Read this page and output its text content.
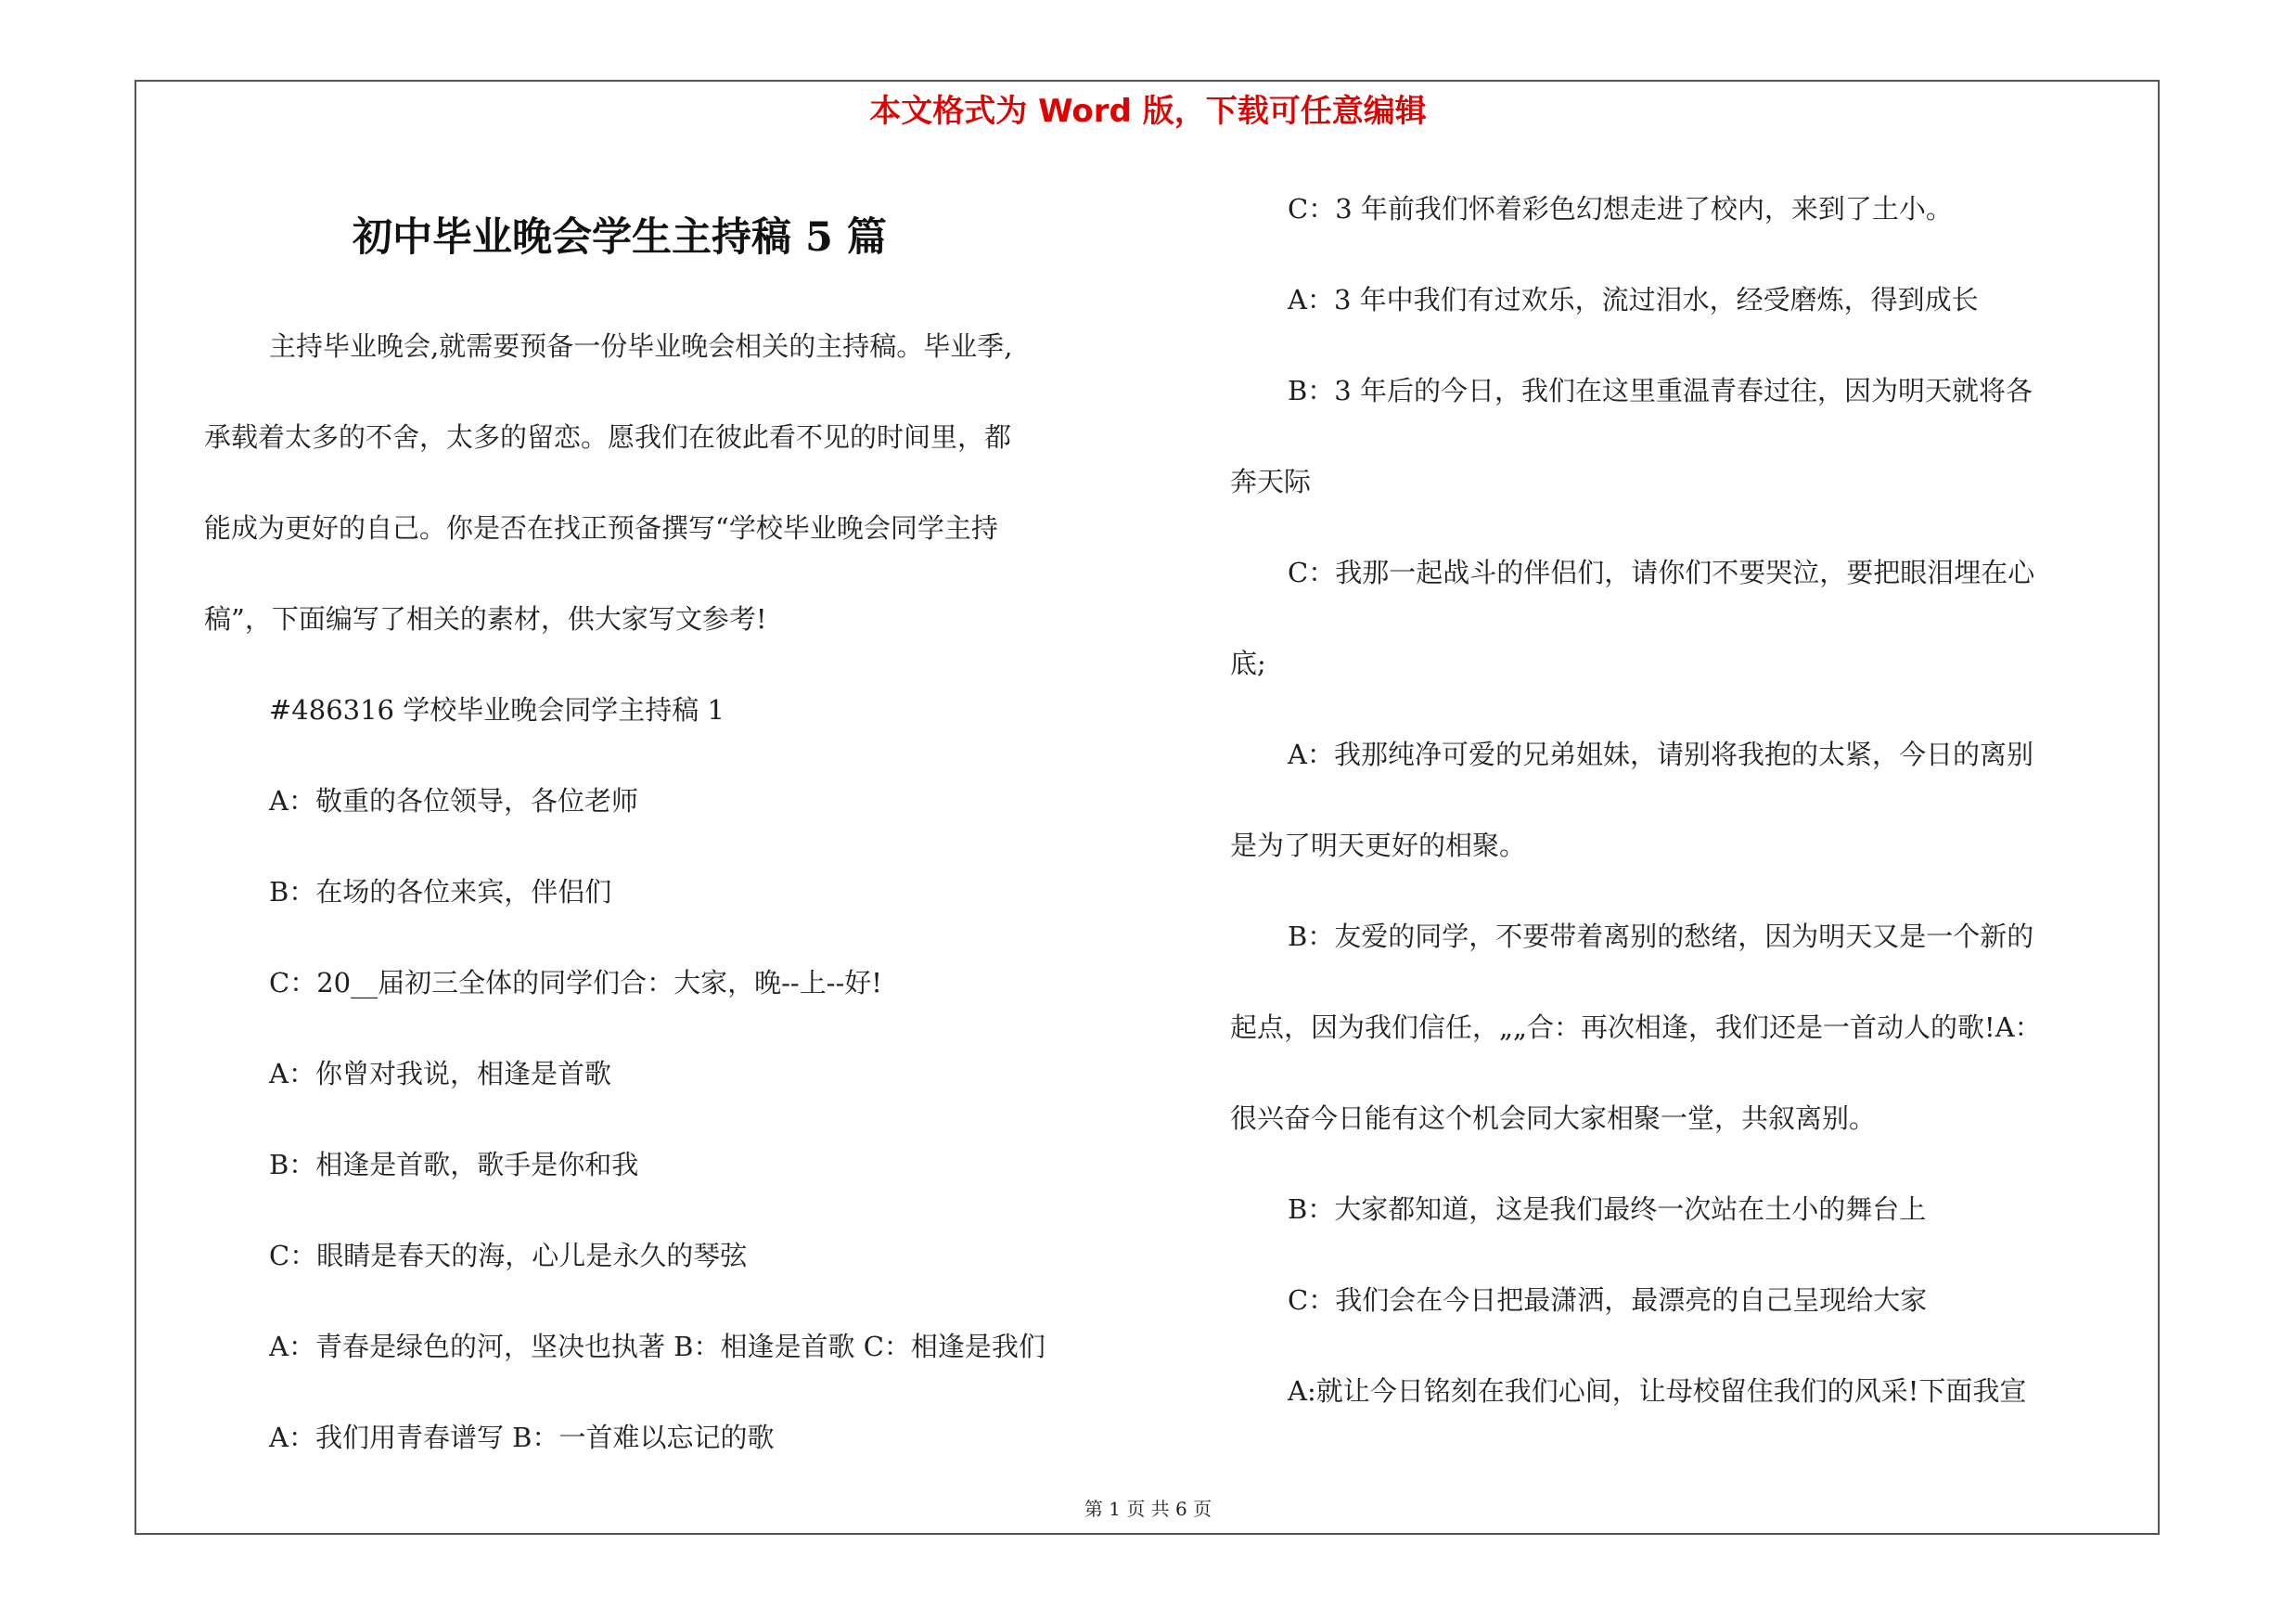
本文格式为 Word 版，下载可任意编辑
初中毕业晚会学生主持稿 5 篇
主持毕业晚会,就需要预备一份毕业晚会相关的主持稿。毕业季,
承载着太多的不舍，太多的留恋。愿我们在彼此看不见的时间里，都
能成为更好的自己。你是否在找正预备撰写“学校毕业晚会同学主持
稿”，下面编写了相关的素材，供大家写文参考!
#486316 学校毕业晚会同学主持稿 1
A：敬重的各位领导，各位老师
B：在场的各位来宾，伴侣们
C：20__届初三全体的同学们合：大家，晚--上--好!
A：你曾对我说，相逢是首歌
B：相逢是首歌，歌手是你和我
C：眼睛是春天的海，心儿是永久的琴弦
A：青春是绿色的河，坚决也执著 B：相逢是首歌 C：相逢是我们
A：我们用青春谱写 B：一首难以忘记的歌
C：3 年前我们怀着彩色幻想走进了校内，来到了土小。
A：3 年中我们有过欢乐，流过泪水，经受磨炼，得到成长
B：3 年后的今日，我们在这里重温青春过往，因为明天就将各
奔天际
C：我那一起战斗的伴侣们，请你们不要哭泣，要把眼泪埋在心
底;
A：我那纯净可爱的兄弟姐妹，请别将我抱的太紧，今日的离别
是为了明天更好的相聚。
B：友爱的同学，不要带着离别的愁绪，因为明天又是一个新的
起点，因为我们信任，„„合：再次相逢，我们还是一首动人的歌!A：
很兴奋今日能有这个机会同大家相聚一堂，共叙离别。
B：大家都知道，这是我们最终一次站在土小的舞台上
C：我们会在今日把最潇洒，最漂亮的自己呈现给大家
A:就让今日铭刻在我们心间，让母校留住我们的风采!下面我宣
第 1 页 共 6 页
